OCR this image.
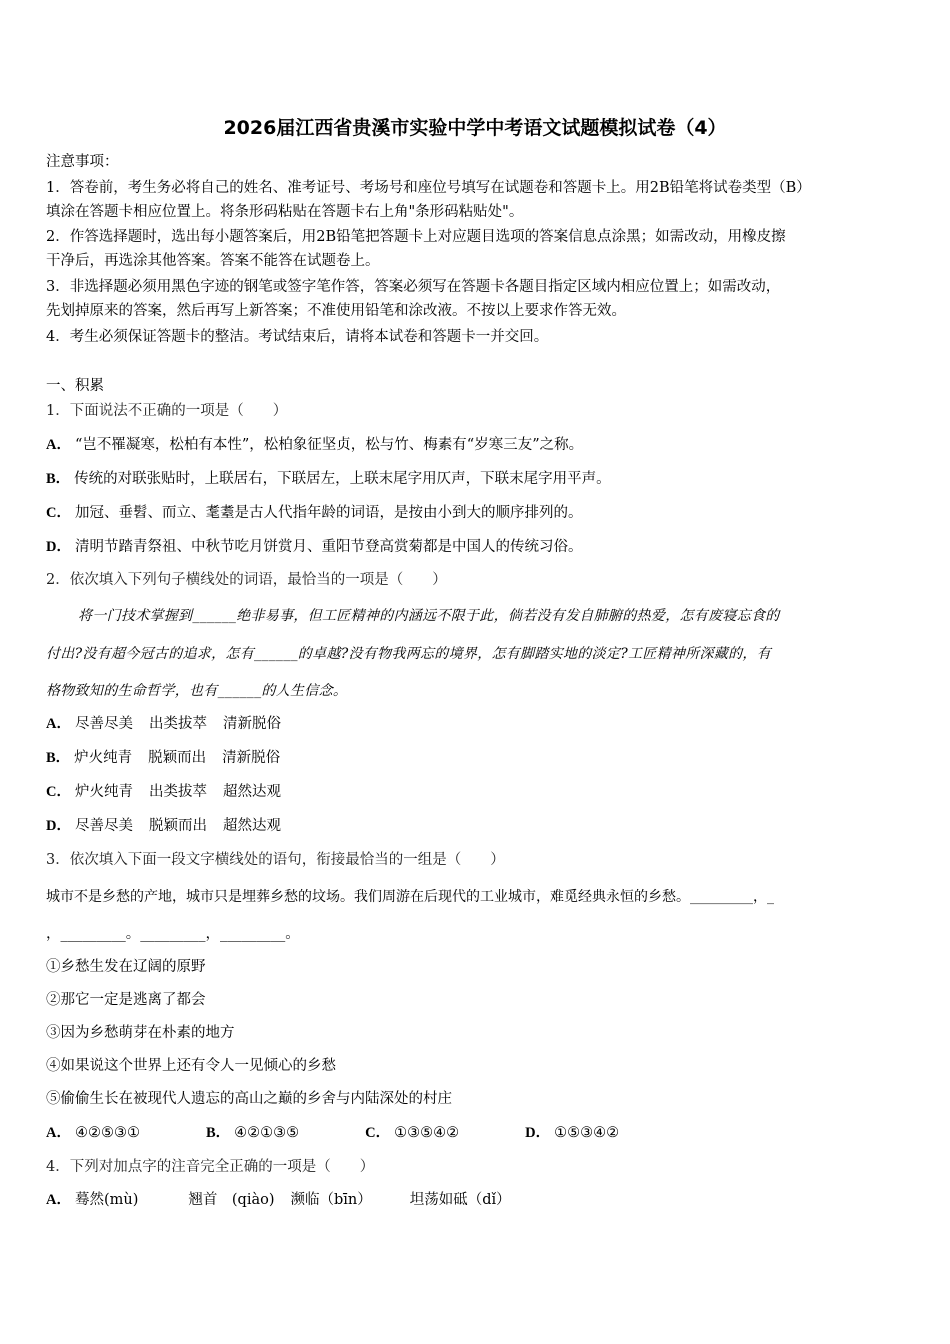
2026届江西省贵溪市实验中学中考语文试题模拟试卷（4）
注意事项：
1．答卷前，考生务必将自己的姓名、准考证号、考场号和座位号填写在试题卷和答题卡上。用2B铅笔将试卷类型（B）
填涂在答题卡相应位置上。将条形码粘贴在答题卡右上角"条形码粘贴处"。
2．作答选择题时，选出每小题答案后，用2B铅笔把答题卡上对应题目选项的答案信息点涂黑；如需改动，用橡皮擦
干净后，再选涂其他答案。答案不能答在试题卷上。
3．非选择题必须用黑色字迹的钢笔或签字笔作答，答案必须写在答题卡各题目指定区域内相应位置上；如需改动，
先划掉原来的答案，然后再写上新答案；不准使用铅笔和涂改液。不按以上要求作答无效。
4．考生必须保证答题卡的整洁。考试结束后，请将本试卷和答题卡一并交回。
一、积累
1．下面说法不正确的一项是（　　）
A． “岂不罹凝寒，松柏有本性”，松柏象征坚贞，松与竹、梅素有“岁寒三友”之称。
B． 传统的对联张贴时，上联居右，下联居左，上联末尾字用仄声，下联末尾字用平声。
C． 加冠、垂髫、而立、耄耋是古人代指年龄的词语，是按由小到大的顺序排列的。
D． 清明节踏青祭祖、中秋节吃月饼赏月、重阳节登高赏菊都是中国人的传统习俗。
2．依次填入下列句子横线处的词语，最恰当的一项是（　　）
将一门技术掌握到______绝非易事，但工匠精神的内涵远不限于此，倘若没有发自肺腑的热爱，怎有废寝忘食的
付出?没有超今冠古的追求，怎有______的卓越?没有物我两忘的境界，怎有脚踏实地的淡定?工匠精神所深藏的，有
格物致知的生命哲学，也有______的人生信念。
A． 尽善尽美 出类拔萃 清新脱俗
B． 炉火纯青 脱颖而出 清新脱俗
C． 炉火纯青 出类拔萃 超然达观
D． 尽善尽美 脱颖而出 超然达观
3．依次填入下面一段文字横线处的语句，衔接最恰当的一组是（　　）
城市不是乡愁的产地，城市只是埋葬乡愁的坟场。我们周游在后现代的工业城市，难觅经典永恒的乡愁。_________，_
，_________。_________，_________。
①乡愁生发在辽阔的原野
②那它一定是逃离了都会
③因为乡愁萌芽在朴素的地方
④如果说这个世界上还有令人一见倾心的乡愁
⑤偷偷生长在被现代人遗忘的高山之巅的乡舍与内陆深处的村庄
A． ④②⑤③①	B． ④②①③⑤	C． ①③⑤④②	D． ①⑤③④②
4．下列对加点字的注音完全正确的一项是（　　）
A． 蓦然(mù)	翘首　(qiào) 濒临（bīn）	坦荡如砥（dǐ）
